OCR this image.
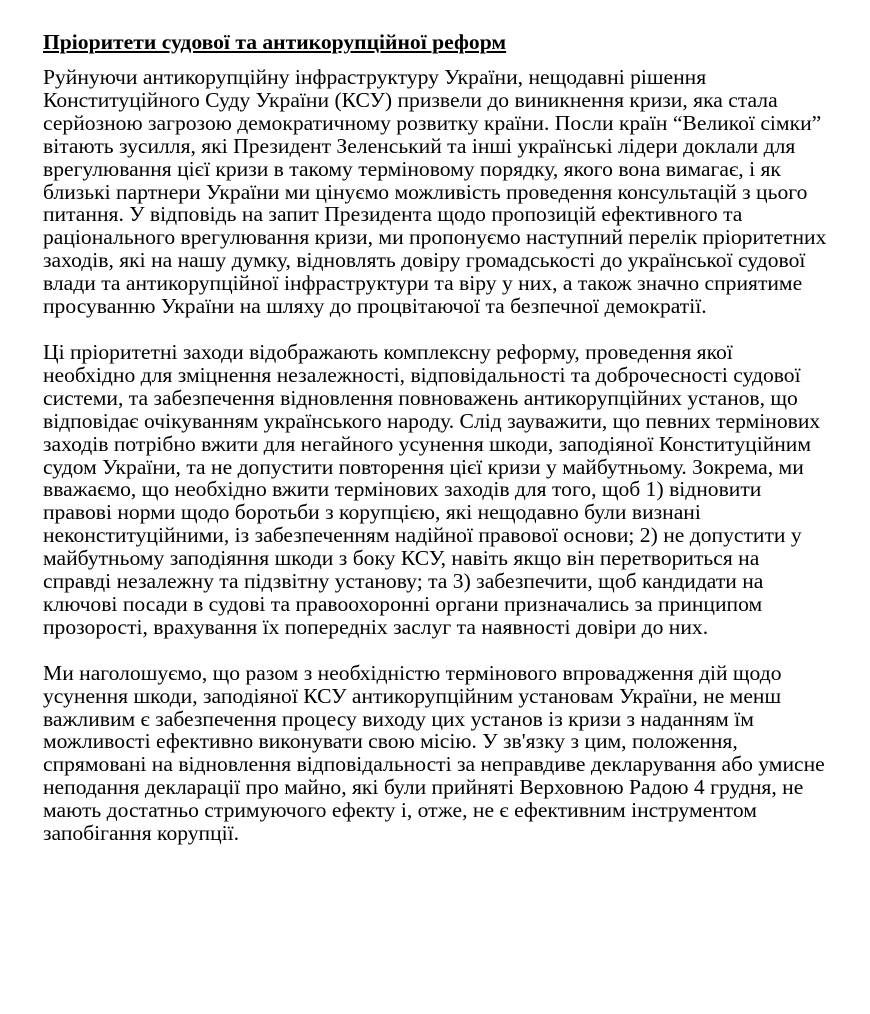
Пріоритети судової та антикорупційної реформ

Руйнуючи антикорупційну інфраструктуру України, нещодавні рішення Конституційного Суду України (КСУ) призвели до виникнення кризи, яка стала серйозною загрозою демократичному розвитку країни. Посли країн “Великої сімки” вітають зусилля, які Президент Зеленський та інші українські лідери доклали для врегулювання цієї кризи в такому терміновому порядку, якого вона вимагає, і як близькі партнери України ми цінуємо можливість проведення консультацій з цього питання. У відповідь на запит Президента щодо пропозицій ефективного та раціонального врегулювання кризи, ми пропонуємо наступний перелік пріоритетних заходів, які на нашу думку, відновлять довіру громадськості до української судової влади та антикорупційної інфраструктури та віру у них, а також значно сприятиме просуванню України на шляху до процвітаючої та безпечної демократії.

Ці пріоритетні заходи відображають комплексну реформу, проведення якої необхідно для зміцнення незалежності, відповідальності та доброчесності судової системи, та забезпечення відновлення повноважень антикорупційних установ, що відповідає очікуванням українського народу. Слід зауважити, що певних термінових заходів потрібно вжити для негайного усунення шкоди, заподіяної Конституційним судом України, та не допустити повторення цієї кризи у майбутньому. Зокрема, ми вважаємо, що необхідно вжити термінових заходів для того, щоб 1) відновити правові норми щодо боротьби з корупцією, які нещодавно були визнані неконституційними, із забезпеченням надійної правової основи; 2) не допустити у майбутньому заподіяння шкоди з боку КСУ, навіть якщо він перетвориться на справді незалежну та підзвітну установу; та 3) забезпечити, щоб кандидати на ключові посади в судові та правоохоронні органи призначались за принципом прозорості, врахування їх попередніх заслуг та наявності довіри до них.

Ми наголошуємо, що разом з необхідністю термінового впровадження дій щодо усунення шкоди, заподіяної КСУ антикорупційним установам України, не менш важливим є забезпечення процесу виходу цих установ із кризи з наданням їм можливості ефективно виконувати свою місію. У зв'язку з цим, положення, спрямовані на відновлення відповідальності за неправдиве декларування або умисне неподання декларації про майно, які були прийняті Верховною Радою 4 грудня, не мають достатньо стримуючого ефекту і, отже, не є ефективним інструментом запобігання корупції.
